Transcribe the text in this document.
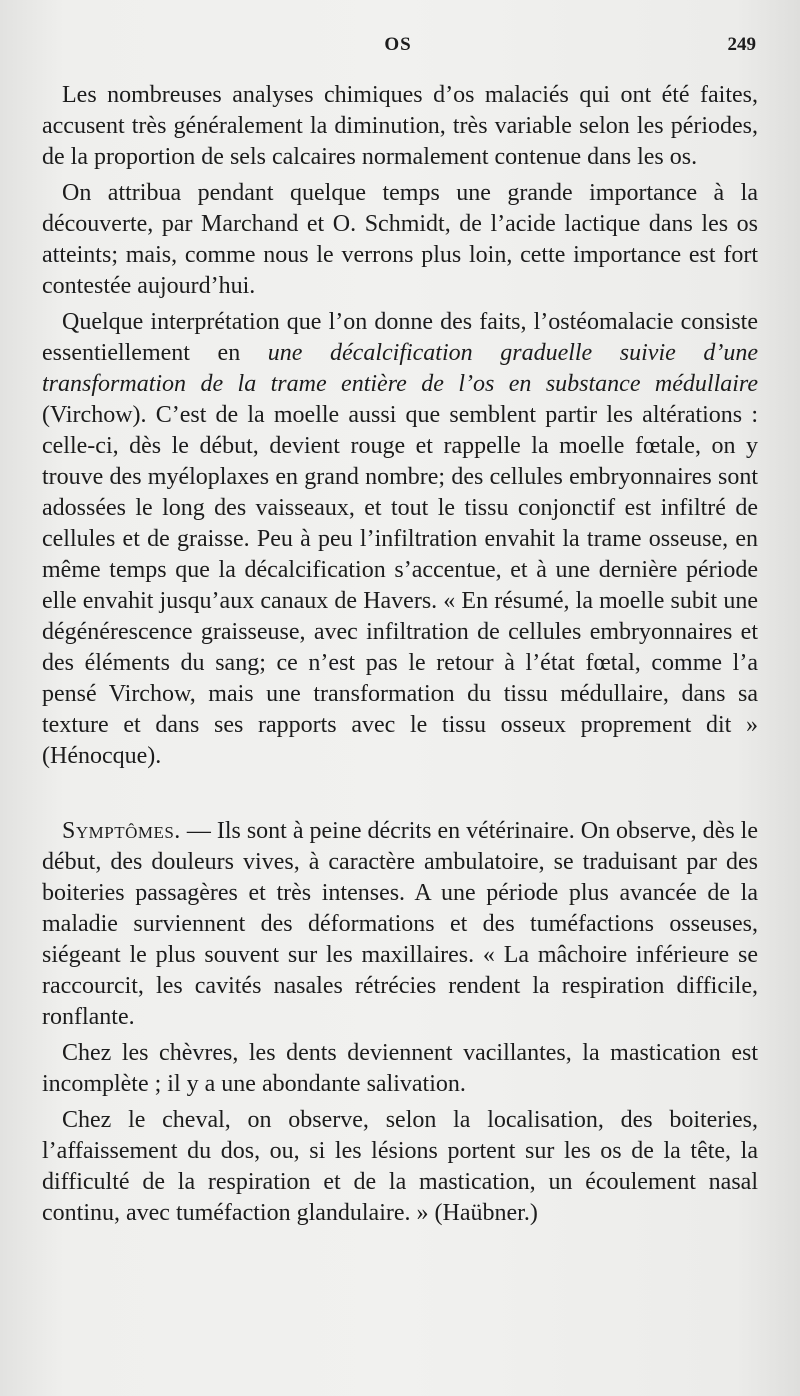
OS	249

Les nombreuses analyses chimiques d’os malaciés qui ont été faites, accusent très généralement la diminution, très variable selon les périodes, de la proportion de sels calcaires normalement contenue dans les os.

On attribua pendant quelque temps une grande importance à la découverte, par Marchand et O. Schmidt, de l’acide lactique dans les os atteints; mais, comme nous le verrons plus loin, cette importance est fort contestée aujourd’hui.

Quelque interprétation que l’on donne des faits, l’ostéomalacie consiste essentiellement en une décalcification graduelle suivie d’une transformation de la trame entière de l’os en substance médullaire (Virchow). C’est de la moelle aussi que semblent partir les altérations : celle-ci, dès le début, devient rouge et rappelle la moelle fœtale, on y trouve des myéloplaxes en grand nombre; des cellules embryonnaires sont adossées le long des vaisseaux, et tout le tissu conjonctif est infiltré de cellules et de graisse. Peu à peu l’infiltration envahit la trame osseuse, en même temps que la décalcification s’accentue, et à une dernière période elle envahit jusqu’aux canaux de Havers. « En résumé, la moelle subit une dégénérescence graisseuse, avec infiltration de cellules embryonnaires et des éléments du sang; ce n’est pas le retour à l’état fœtal, comme l’a pensé Virchow, mais une transformation du tissu médullaire, dans sa texture et dans ses rapports avec le tissu osseux proprement dit » (Hénocque).

Symptômes. — Ils sont à peine décrits en vétérinaire. On observe, dès le début, des douleurs vives, à caractère ambulatoire, se traduisant par des boiteries passagères et très intenses. A une période plus avancée de la maladie surviennent des déformations et des tuméfactions osseuses, siégeant le plus souvent sur les maxillaires. « La mâchoire inférieure se raccourcit, les cavités nasales rétrécies rendent la respiration difficile, ronflante.

Chez les chèvres, les dents deviennent vacillantes, la mastication est incomplète ; il y a une abondante salivation.

Chez le cheval, on observe, selon la localisation, des boiteries, l’affaissement du dos, ou, si les lésions portent sur les os de la tête, la difficulté de la respiration et de la mastication, un écoulement nasal continu, avec tuméfaction glandulaire. » (Haübner.)
